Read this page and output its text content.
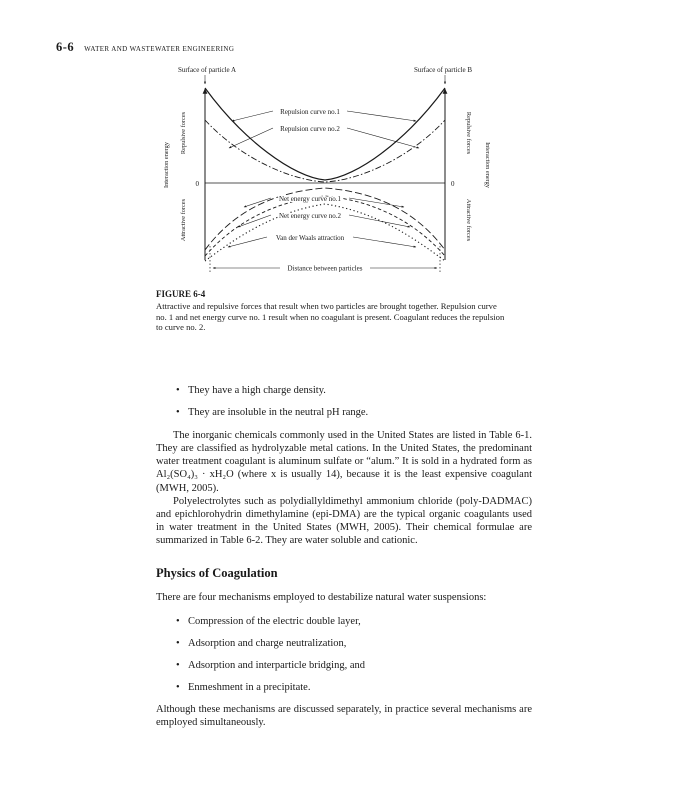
6-6 WATER AND WASTEWATER ENGINEERING
Surface of particle A	Surface of particle B
0	0
Interaction energy
Repulsive forces
Attractive forces
Repulsive forces
Attractive forces
Interaction energy
Repulsion curve no.1
Repulsion curve no.2
Net energy curve no.1
Net energy curve no.2
Van der Waals attraction
Distance between particles
FIGURE 6-4
Attractive and repulsive forces that result when two particles are brought together. Repulsion curve no. 1 and net energy curve no. 1 result when no coagulant is present. Coagulant reduces the repulsion to curve no. 2.
• They have a high charge density.
• They are insoluble in the neutral pH range.

The inorganic chemicals commonly used in the United States are listed in Table 6-1. They are classified as hydrolyzable metal cations. In the United States, the predominant water treatment coagulant is aluminum sulfate or “alum.” It is sold in a hydrated form as Al₂(SO₄)₃ · xH₂O (where x is usually 14), because it is the least expensive coagulant (MWH, 2005).

Polyelectrolytes such as polydiallyldimethyl ammonium chloride (poly-DADMAC) and epichlorohydrin dimethylamine (epi-DMA) are the typical organic coagulants used in water treatment in the United States (MWH, 2005). Their chemical formulae are summarized in Table 6-2. They are water soluble and cationic.

Physics of Coagulation

There are four mechanisms employed to destabilize natural water suspensions:

• Compression of the electric double layer,
• Adsorption and charge neutralization,
• Adsorption and interparticle bridging, and
• Enmeshment in a precipitate.

Although these mechanisms are discussed separately, in practice several mechanisms are employed simultaneously.
